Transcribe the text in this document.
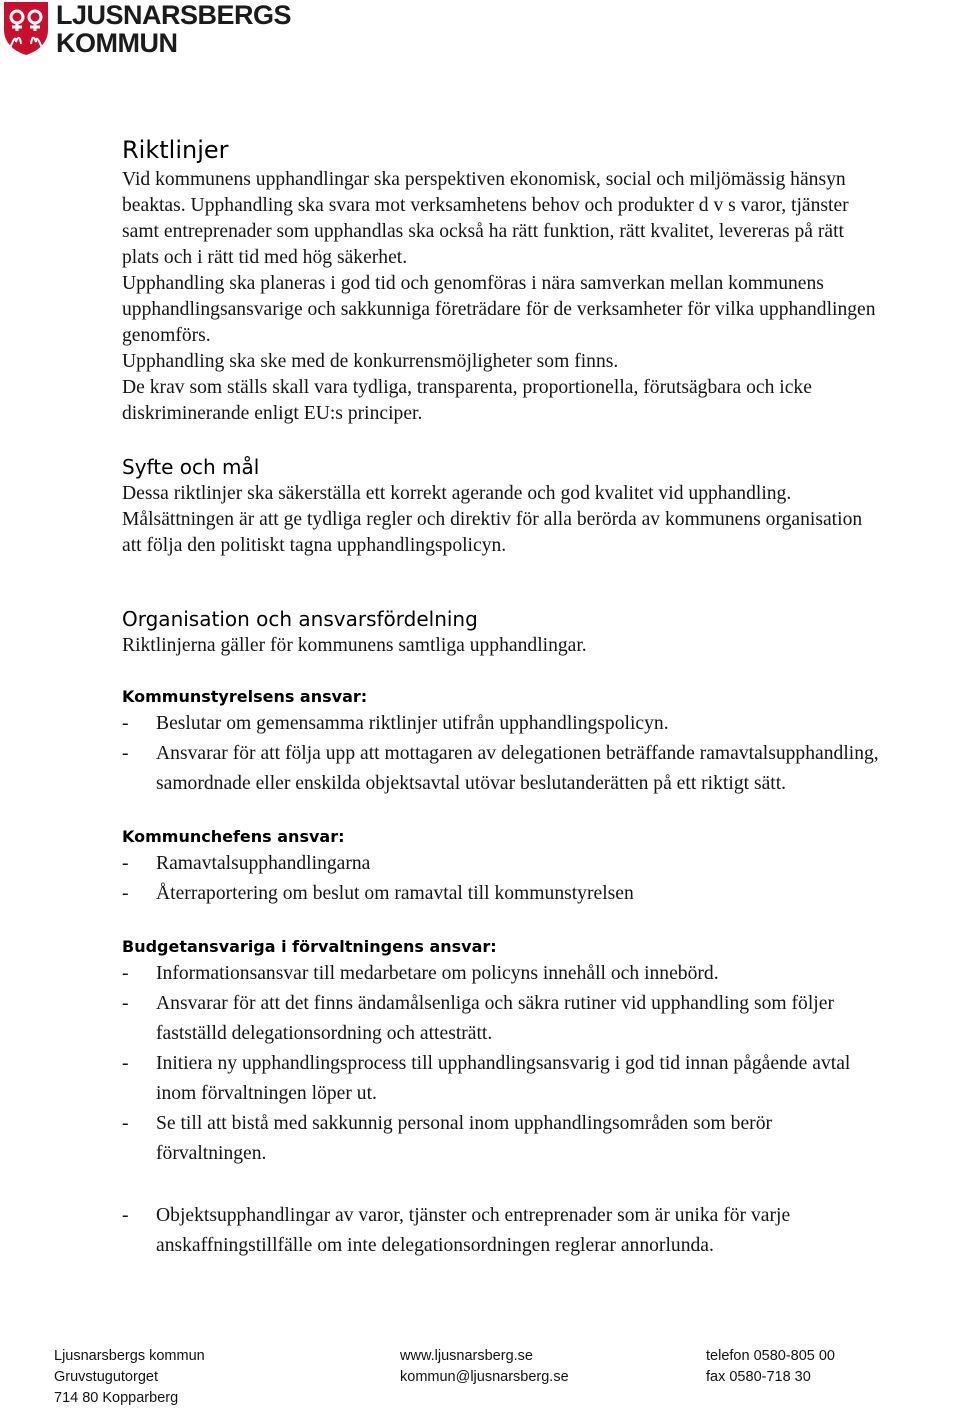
LJUSNARSBERGS
KOMMUN
Riktlinjer
Vid kommunens upphandlingar ska perspektiven ekonomisk, social och miljömässig hänsyn beaktas. Upphandling ska svara mot verksamhetens behov och produkter d v s varor, tjänster samt entreprenader som upphandlas ska också ha rätt funktion, rätt kvalitet, levereras på rätt plats och i rätt tid med hög säkerhet.
Upphandling ska planeras i god tid och genomföras i nära samverkan mellan kommunens upphandlingsansvarige och sakkunniga företrädare för de verksamheter för vilka upphandlingen genomförs.
Upphandling ska ske med de konkurrensmöjligheter som finns.
De krav som ställs skall vara tydliga, transparenta, proportionella, förutsägbara och icke diskriminerande enligt EU:s principer.
Syfte och mål
Dessa riktlinjer ska säkerställa ett korrekt agerande och god kvalitet vid upphandling. Målsättningen är att ge tydliga regler och direktiv för alla berörda av kommunens organisation att följa den politiskt tagna upphandlingspolicyn.
Organisation och ansvarsfördelning
Riktlinjerna gäller för kommunens samtliga upphandlingar.
Kommunstyrelsens ansvar:
- Beslutar om gemensamma riktlinjer utifrån upphandlingspolicyn.
- Ansvarar för att följa upp att mottagaren av delegationen beträffande ramavtalsupphandling, samordnade eller enskilda objektsavtal utövar beslutanderätten på ett riktigt sätt.
Kommunchefens ansvar:
- Ramavtalsupphandlingarna
- Återraportering om beslut om ramavtal till kommunstyrelsen
Budgetansvariga i förvaltningens ansvar:
- Informationsansvar till medarbetare om policyns innehåll och innebörd.
- Ansvarar för att det finns ändamålsenliga och säkra rutiner vid upphandling som följer fastställd delegationsordning och attesträtt.
- Initiera ny upphandlingsprocess till upphandlingsansvarig i god tid innan pågående avtal inom förvaltningen löper ut.
- Se till att bistå med sakkunnig personal inom upphandlingsområden som berör förvaltningen.
- Objektsupphandlingar av varor, tjänster och entreprenader som är unika för varje anskaffningstillfälle om inte delegationsordningen reglerar annorlunda.
Ljusnarsbergs kommun
Gruvstugutorget
714 80 Kopparberg
www.ljusnarsberg.se
kommun@ljusnarsberg.se
telefon 0580-805 00
fax 0580-718 30
